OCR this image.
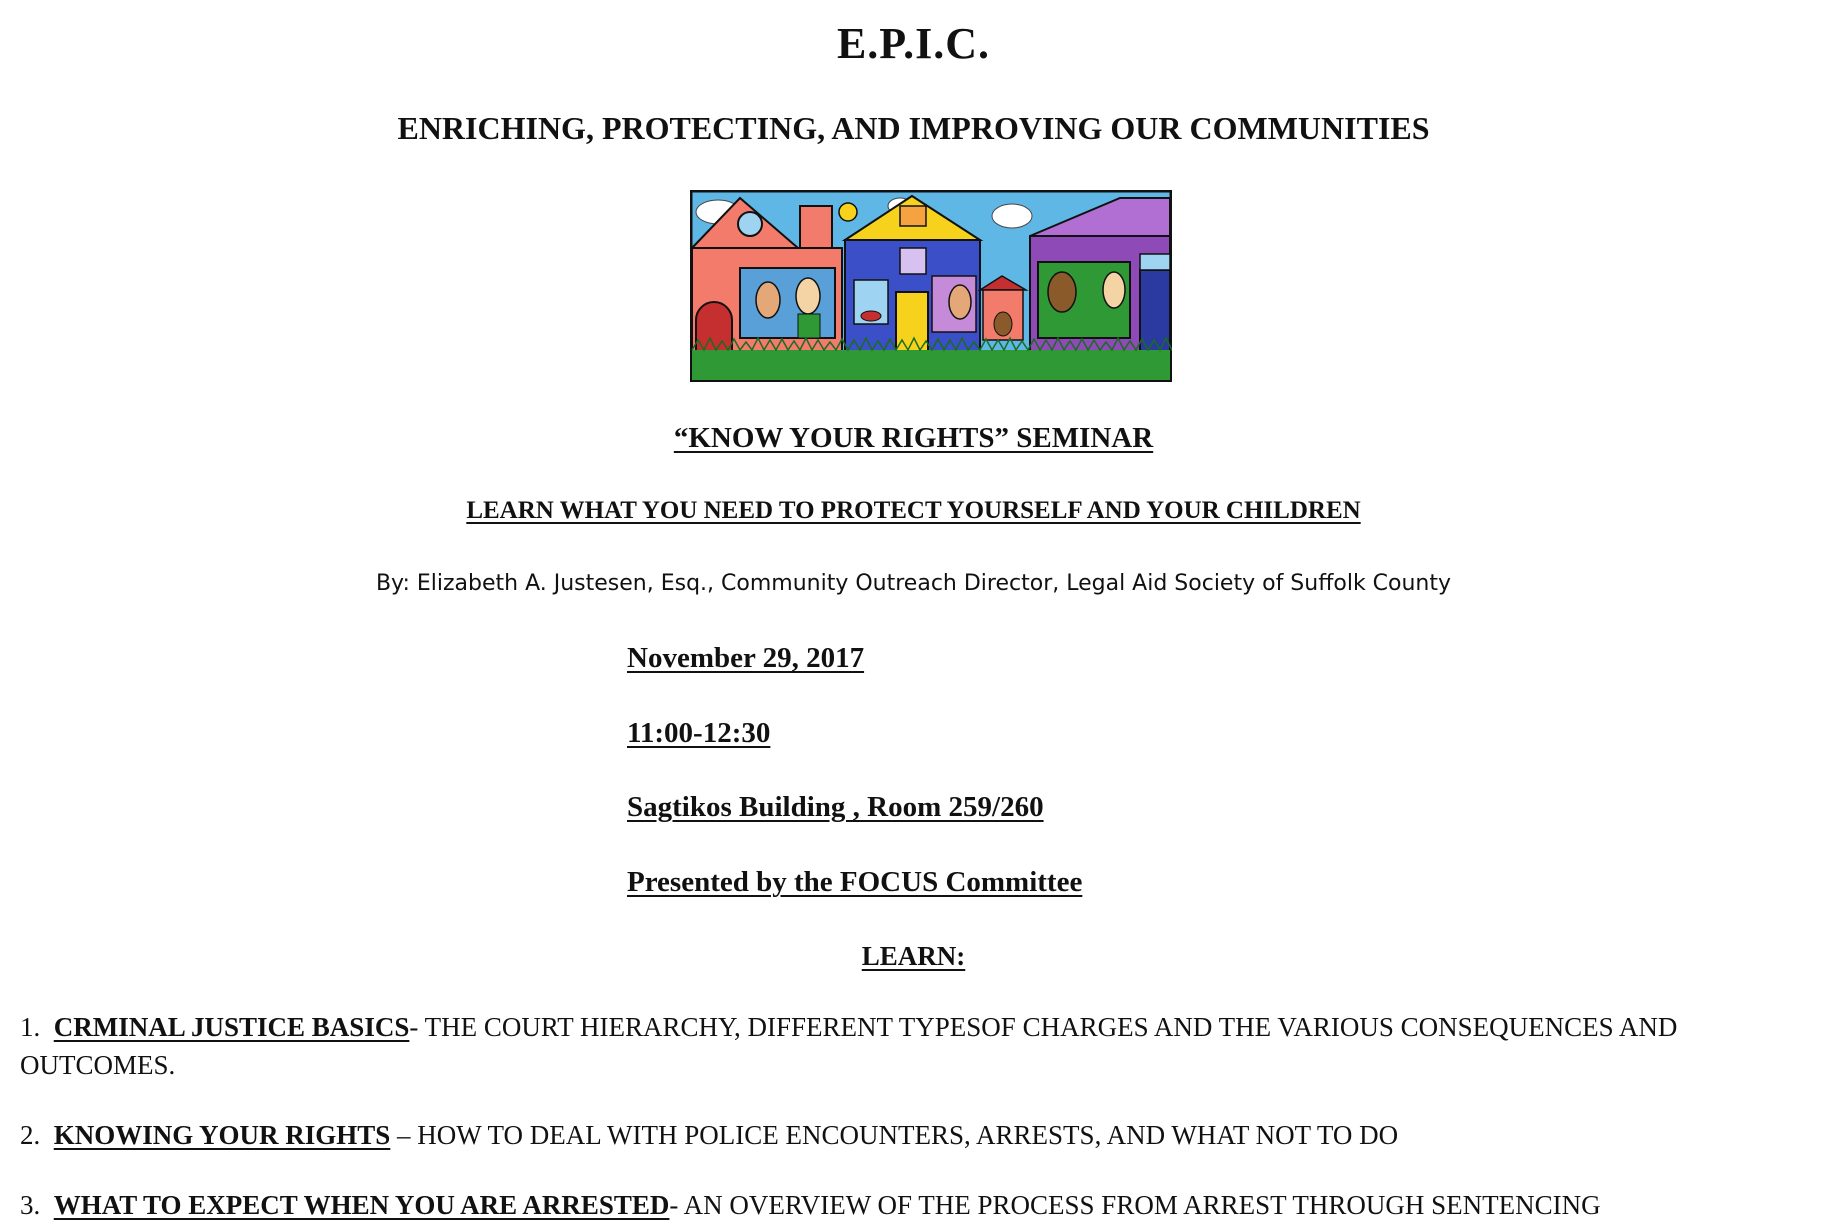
E.P.I.C.
ENRICHING, PROTECTING, AND IMPROVING OUR COMMUNITIES
“KNOW YOUR RIGHTS” SEMINAR
LEARN WHAT YOU NEED TO PROTECT YOURSELF AND YOUR CHILDREN
By: Elizabeth A. Justesen, Esq., Community Outreach Director, Legal Aid Society of Suffolk County
November 29, 2017
11:00-12:30
Sagtikos Building , Room 259/260
Presented by the FOCUS Committee
LEARN:
1. CRMINAL JUSTICE BASICS- THE COURT HIERARCHY, DIFFERENT TYPESOF CHARGES AND THE VARIOUS CONSEQUENCES AND OUTCOMES.
2. KNOWING YOUR RIGHTS – HOW TO DEAL WITH POLICE ENCOUNTERS, ARRESTS, AND WHAT NOT TO DO
3. WHAT TO EXPECT WHEN YOU ARE ARRESTED- AN OVERVIEW OF THE PROCESS FROM ARREST THROUGH SENTENCING
